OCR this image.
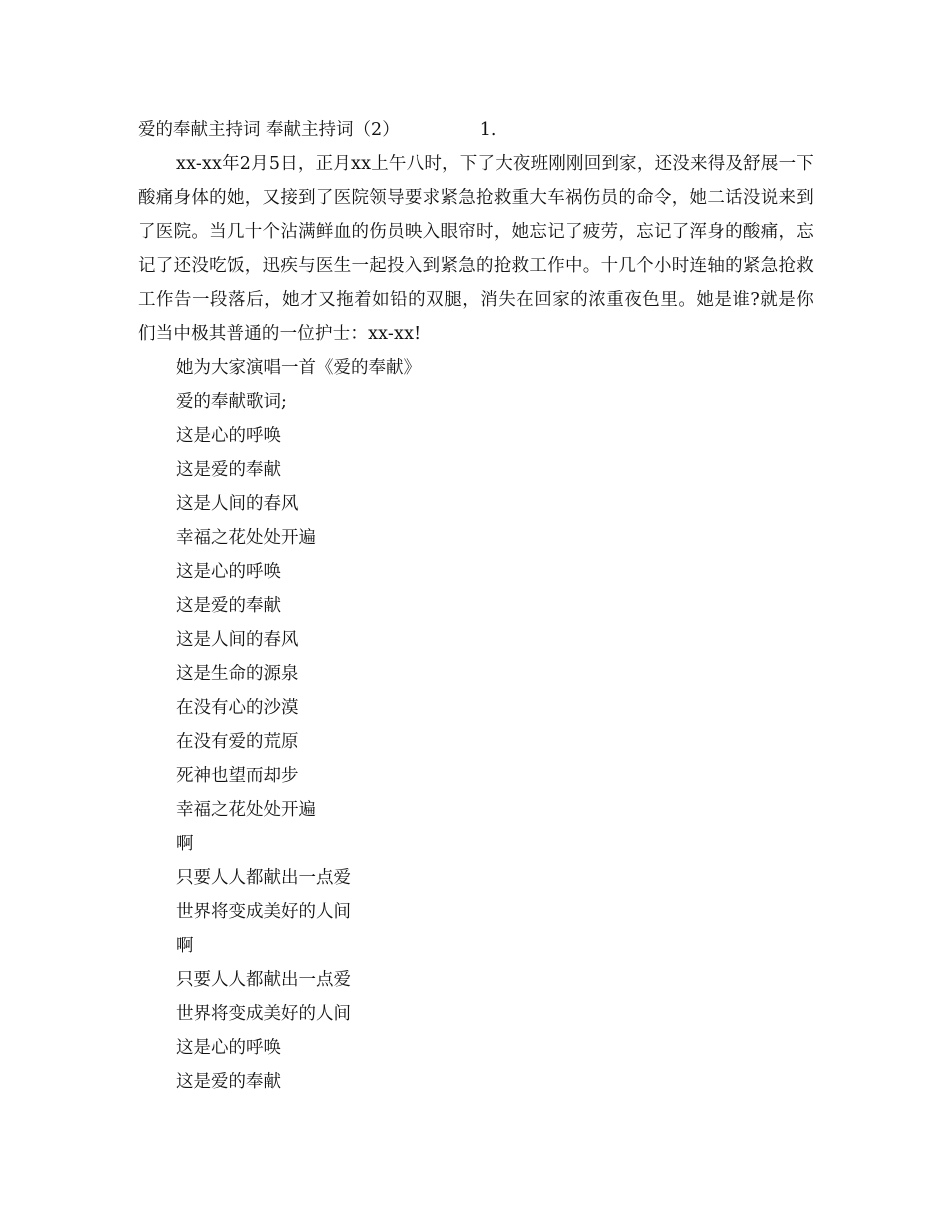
爱的奉献主持词 奉献主持词（2）	1.

xx-xx年2月5日，正月xx上午八时，下了大夜班刚刚回到家，还没来得及舒展一下酸痛身体的她，又接到了医院领导要求紧急抢救重大车祸伤员的命令，她二话没说来到了医院。当几十个沾满鲜血的伤员映入眼帘时，她忘记了疲劳，忘记了浑身的酸痛，忘记了还没吃饭，迅疾与医生一起投入到紧急的抢救工作中。十几个小时连轴的紧急抢救工作告一段落后，她才又拖着如铅的双腿，消失在回家的浓重夜色里。她是谁?就是你们当中极其普通的一位护士：xx-xx!

她为大家演唱一首《爱的奉献》
爱的奉献歌词;
这是心的呼唤
这是爱的奉献
这是人间的春风
幸福之花处处开遍
这是心的呼唤
这是爱的奉献
这是人间的春风
这是生命的源泉
在没有心的沙漠
在没有爱的荒原
死神也望而却步
幸福之花处处开遍
啊
只要人人都献出一点爱
世界将变成美好的人间
啊
只要人人都献出一点爱
世界将变成美好的人间
这是心的呼唤
这是爱的奉献
